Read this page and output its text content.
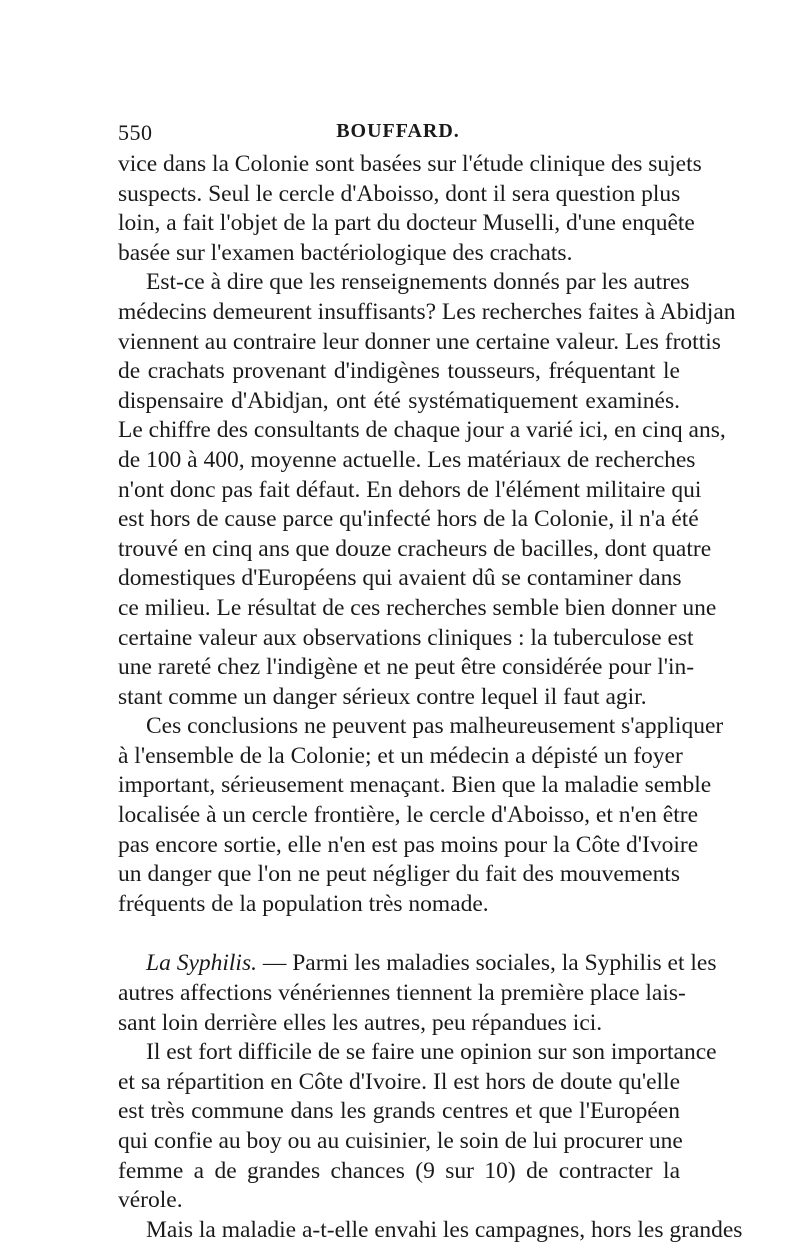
550	BOUFFARD.
vice dans la Colonie sont basées sur l'étude clinique des sujets
suspects. Seul le cercle d'Aboisso, dont il sera question plus
loin, a fait l'objet de la part du docteur Muselli, d'une enquête
basée sur l'examen bactériologique des crachats.
Est-ce à dire que les renseignements donnés par les autres
médecins demeurent insuffisants? Les recherches faites à Abidjan
viennent au contraire leur donner une certaine valeur. Les frottis
de crachats provenant d'indigènes tousseurs, fréquentant le
dispensaire d'Abidjan, ont été systématiquement examinés.
Le chiffre des consultants de chaque jour a varié ici, en cinq ans,
de 100 à 400, moyenne actuelle. Les matériaux de recherches
n'ont donc pas fait défaut. En dehors de l'élément militaire qui
est hors de cause parce qu'infecté hors de la Colonie, il n'a été
trouvé en cinq ans que douze cracheurs de bacilles, dont quatre
domestiques d'Européens qui avaient dû se contaminer dans
ce milieu. Le résultat de ces recherches semble bien donner une
certaine valeur aux observations cliniques : la tuberculose est
une rareté chez l'indigène et ne peut être considérée pour l'in-
stant comme un danger sérieux contre lequel il faut agir.
Ces conclusions ne peuvent pas malheureusement s'appliquer
à l'ensemble de la Colonie; et un médecin a dépisté un foyer
important, sérieusement menaçant. Bien que la maladie semble
localisée à un cercle frontière, le cercle d'Aboisso, et n'en être
pas encore sortie, elle n'en est pas moins pour la Côte d'Ivoire
un danger que l'on ne peut négliger du fait des mouvements
fréquents de la population très nomade.
La Syphilis. — Parmi les maladies sociales, la Syphilis et les
autres affections vénériennes tiennent la première place lais-
sant loin derrière elles les autres, peu répandues ici.
Il est fort difficile de se faire une opinion sur son importance
et sa répartition en Côte d'Ivoire. Il est hors de doute qu'elle
est très commune dans les grands centres et que l'Européen
qui confie au boy ou au cuisinier, le soin de lui procurer une
femme a de grandes chances (9 sur 10) de contracter la
vérole.
Mais la maladie a-t-elle envahi les campagnes, hors les grandes
